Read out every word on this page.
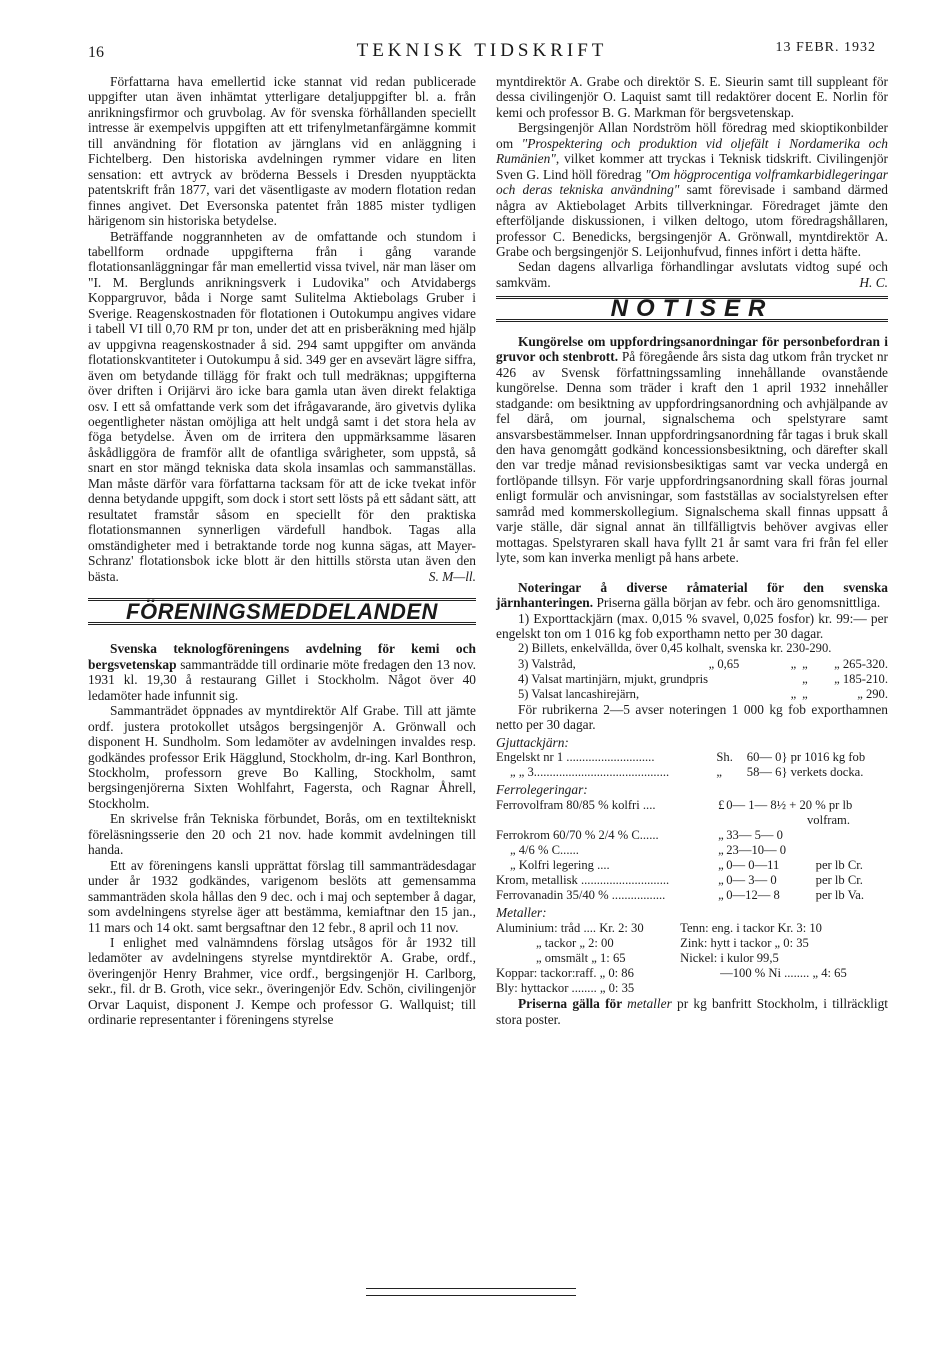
16	TEKNISK TIDSKRIFT	13 FEBR. 1932

Författarna hava emellertid icke stannat vid redan publicerade uppgifter utan även inhämtat ytterligare detaljuppgifter bl. a. från anrikningsfirmor och gruvbolag. Av för svenska förhållanden speciellt intresse är exempelvis uppgiften att ett trifenylmetanfärgämne kommit till användning för flotation av järnglans vid en anläggning i Fichtelberg. Den historiska avdelningen rymmer vidare en liten sensation: ett avtryck av bröderna Bessels i Dresden nyupptäckta patentskrift från 1877, vari det väsentligaste av modern flotation redan finnes angivet. Det Eversonska patentet från 1885 mister tydligen härigenom sin historiska betydelse.

Beträffande noggrannheten av de omfattande och stundom i tabellform ordnade uppgifterna från i gång varande flotationsanläggningar får man emellertid vissa tvivel, när man läser om "I. M. Berglunds anrikningsverk i Ludovika" och Atvidabergs Koppargruvor, båda i Norge samt Sulitelma Aktiebolags Gruber i Sverige. Reagenskostnaden för flotationen i Outokumpu angives vidare i tabell VI till 0,70 RM pr ton, under det att en prisberäkning med hjälp av uppgivna reagenskostnader å sid. 294 samt uppgifter om använda flotationskvantiteter i Outokumpu å sid. 349 ger en avsevärt lägre siffra, även om betydande tillägg för frakt och tull medräknas; uppgifterna över driften i Orijärvi äro icke bara gamla utan även direkt felaktiga osv. I ett så omfattande verk som det ifrågavarande, äro givetvis dylika oegentligheter nästan omöjliga att helt undgå samt i det stora hela av föga betydelse. Även om de irritera den uppmärksamme läsaren åskådliggöra de framför allt de ofantliga svårigheter, som uppstå, så snart en stor mängd tekniska data skola insamlas och sammanställas. Man måste därför vara författarna tacksam för att de icke tvekat inför denna betydande uppgift, som dock i stort sett lösts på ett sådant sätt, att resultatet framstår såsom en speciellt för den praktiska flotationsmannen synnerligen värdefull handbok. Tagas alla omständigheter med i betraktande torde nog kunna sägas, att Mayer-Schranz' flotationsbok icke blott är den hittills största utan även den bästa.	S. M—ll.

FÖRENINGSMEDDELANDEN

Svenska teknologföreningens avdelning för kemi och bergsvetenskap sammanträdde till ordinarie möte fredagen den 13 nov. 1931 kl. 19,30 å restaurang Gillet i Stockholm. Något över 40 ledamöter hade infunnit sig.

Sammanträdet öppnades av myntdirektör Alf Grabe. Till att jämte ordf. justera protokollet utsågos bergsingenjör A. Grönwall och disponent H. Sundholm. Som ledamöter av avdelningen invaldes resp. godkändes professor Erik Hägglund, Stockholm, dr-ing. Karl Bonthron, Stockholm, professorn greve Bo Kalling, Stockholm, samt bergsingenjörerna Sixten Wohlfahrt, Fagersta, och Ragnar Åhrell, Stockholm.

En skrivelse från Tekniska förbundet, Borås, om en textiltekniskt föreläsningsserie den 20 och 21 nov. hade kommit avdelningen till handa.

Ett av föreningens kansli upprättat förslag till sammanträdesdagar under år 1932 godkändes, varigenom beslöts att gemensamma sammanträden skola hållas den 9 dec. och i maj och september å dagar, som avdelningens styrelse äger att bestämma, kemiaftnar den 15 jan., 11 mars och 14 okt. samt bergsaftnar den 12 febr., 8 april och 11 nov.

I enlighet med valnämndens förslag utsågos för år 1932 till ledamöter av avdelningens styrelse myntdirektör A. Grabe, ordf., överingenjör Henry Brahmer, vice ordf., bergsingenjör H. Carlborg, sekr., fil. dr B. Groth, vice sekr., överingenjör Edv. Schön, civilingenjör Orvar Laquist, disponent J. Kempe och professor G. Wallquist; till ordinarie representanter i föreningens styrelse

myntdirektör A. Grabe och direktör S. E. Sieurin samt till suppleant för dessa civilingenjör O. Laquist samt till redaktörer docent E. Norlin för kemi och professor B. G. Markman för bergsvetenskap.

Bergsingenjör Allan Nordström höll föredrag med skioptikonbilder om "Prospektering och produktion vid oljefält i Nordamerika och Rumänien", vilket kommer att tryckas i Teknisk tidskrift. Civilingenjör Sven G. Lind höll föredrag "Om högprocentiga volframkarbidlegeringar och deras tekniska användning" samt förevisade i samband därmed några av Aktiebolaget Arbits tillverkningar. Föredraget jämte den efterföljande diskussionen, i vilken deltogo, utom föredragshållaren, professor C. Benedicks, bergsingenjör A. Grönwall, myntdirektör A. Grabe och bergsingenjör S. Leijonhufvud, finnes infört i detta häfte.

Sedan dagens allvarliga förhandlingar avslutats vidtog supé och samkväm.	H. C.

NOTISER

Kungörelse om uppfordringsanordningar för personbefordran i gruvor och stenbrott. På föregående års sista dag utkom från trycket nr 426 av Svensk författningssamling innehållande ovanstående kungörelse. Denna som träder i kraft den 1 april 1932 innehåller stadgande: om besiktning av uppfordringsanordning och avhjälpande av fel därå, om journal, signalschema och spelstyrare samt ansvarsbestämmelser. Innan uppfordringsanordning får tagas i bruk skall den hava genomgått godkänd koncessionsbesiktning, och därefter skall den var tredje månad revisionsbesiktigas samt var vecka undergå en fortlöpande tillsyn. För varje uppfordringsanordning skall föras journal enligt formulär och anvisningar, som fastställas av socialstyrelsen efter samråd med kommerskollegium. Signalschema skall finnas uppsatt å varje ställe, där signal annat än tillfälligtvis behöver avgivas eller mottagas. Spelstyraren skall hava fyllt 21 år samt vara fri från fel eller lyte, som kan inverka menligt på hans arbete.

Noteringar å diverse råmaterial för den svenska järnhanteringen. Priserna gälla början av febr. och äro genomsnittliga.

1) Exporttackjärn (max. 0,015 % svavel, 0,025 fosfor) kr. 99:— per engelskt ton om 1 016 kg fob exporthamn netto per 30 dagar.

2) Billets, enkelvällda, över 0,45 kolhalt, svenska kr. 230-290.				
3) Valstråd,	„ 0,65	„	„	„ 265-320.
4) Valsat martinjärn, mjukt, grundpris			„	„ 185-210.
5) Valsat lancashirejärn,		„	„	„ 290.

För rubrikerna 2—5 avser noteringen 1 000 kg fob exporthamnen netto per 30 dagar.

Gjuttackjärn:
Engelskt nr 1 ............................	Sh.	60— 0	} pr 1016 kg fob
„ „ 3...........................................	„	58— 6	} verkets docka.
Ferrolegeringar:
Ferrovolfram 80/85 % kolfri ....	£	0— 1— 8½ + 20 % pr lb	
		volfram.	
Ferrokrom 60/70 % 2/4 % C......	„	33— 5— 0	
„ 4/6 % C......	„	23—10— 0	
„ Kolfri legering ....	„	0— 0—11	per lb Cr.
Krom, metallisk ............................	„	0— 3— 0	per lb Cr.
Ferrovanadin 35/40 % .................	„	0—12— 8	per lb Va.
Metaller:
Aluminium: tråd .... Kr. 2: 30	Tenn: eng. i tackor Kr. 3: 10
„ tackor „ 2: 00	Zink: hytt i tackor „ 0: 35
„ omsmält „ 1: 65	Nickel: i kulor 99,5
Koppar: tackor:raff. „ 0: 86	—100 % Ni ........ „ 4: 65
Bly: hyttackor ........ „ 0: 35	

Priserna gälla för metaller pr kg banfritt Stockholm, i tillräckligt stora poster.
